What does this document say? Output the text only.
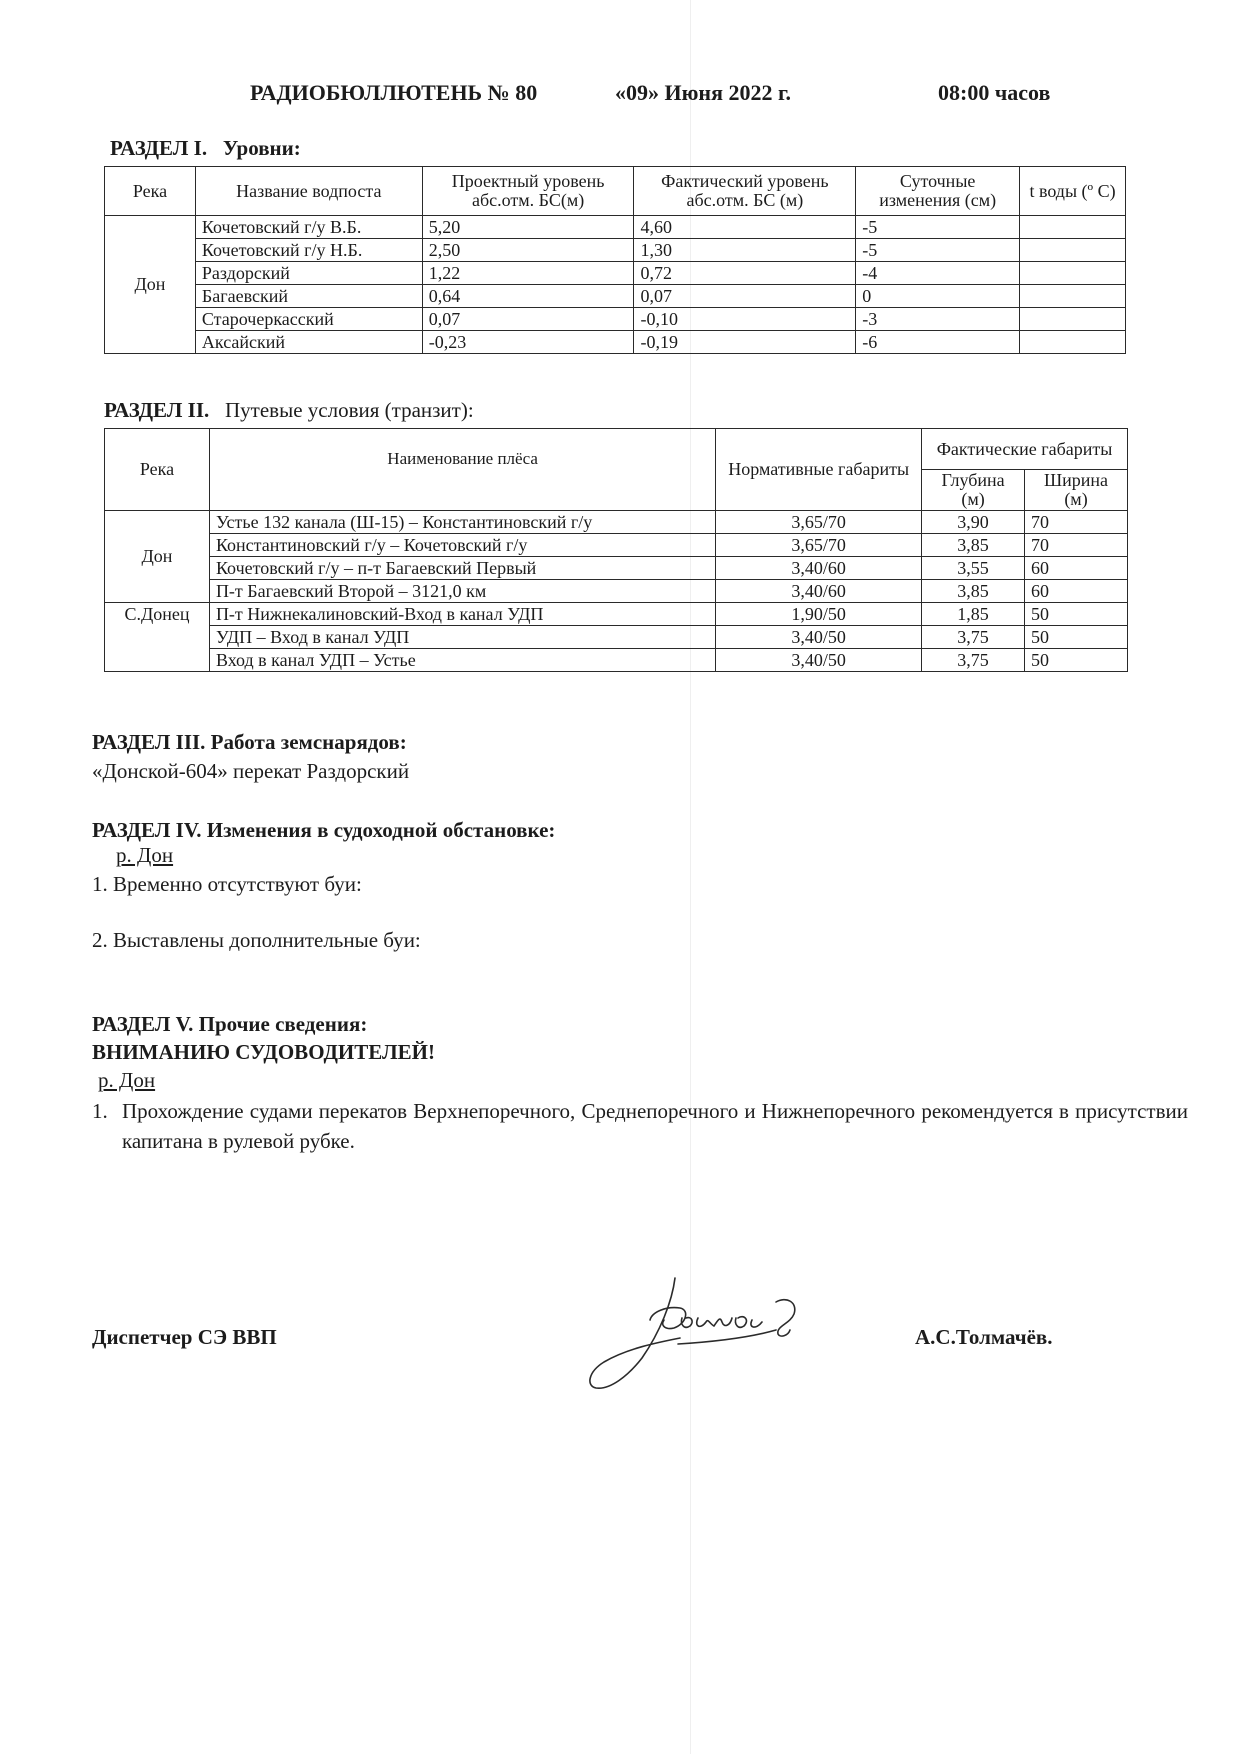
РАДИОБЮЛЛЮТЕНЬ № 80	«09» Июня 2022 г.	08:00 часов
РАЗДЕЛ I. Уровни:
Река	Название водпоста	Проектный уровень абс.отм. БС(м)	Фактический уровень абс.отм. БС (м)	Суточные изменения (см)	t воды (º С)
Дон	Кочетовский г/у В.Б.	5,20	4,60	-5	
	Кочетовский г/у Н.Б.	2,50	1,30	-5	
	Раздорский	1,22	0,72	-4	
	Багаевский	0,64	0,07	0	
	Старочеркасский	0,07	-0,10	-3	
	Аксайский	-0,23	-0,19	-6	
РАЗДЕЛ II. Путевые условия (транзит):
Река	Наименование плёса	Нормативные габариты	Фактические габариты	
			Глубина (м)	Ширина (м)
Дон	Устье 132 канала (Ш-15) – Константиновский г/у	3,65/70	3,90	70
	Константиновский г/у – Кочетовский г/у	3,65/70	3,85	70
	Кочетовский г/у – п-т Багаевский Первый	3,40/60	3,55	60
	П-т Багаевский Второй – 3121,0 км	3,40/60	3,85	60
С.Донец	П-т Нижнекалиновский-Вход в канал УДП	1,90/50	1,85	50
	УДП – Вход в канал УДП	3,40/50	3,75	50
	Вход в канал УДП – Устье	3,40/50	3,75	50
РАЗДЕЛ III. Работа земснарядов:
«Донской-604» перекат Раздорский
РАЗДЕЛ IV. Изменения в судоходной обстановке:
р. Дон
1. Временно отсутствуют буи:
2. Выставлены дополнительные буи:
РАЗДЕЛ V. Прочие сведения:
ВНИМАНИЮ СУДОВОДИТЕЛЕЙ!
р. Дон
1. Прохождение судами перекатов Верхнепоречного, Среднепоречного и Нижнепоречного рекомендуется в присутствии капитана в рулевой рубке.
Диспетчер СЭ ВВП	А.С.Толмачёв.
